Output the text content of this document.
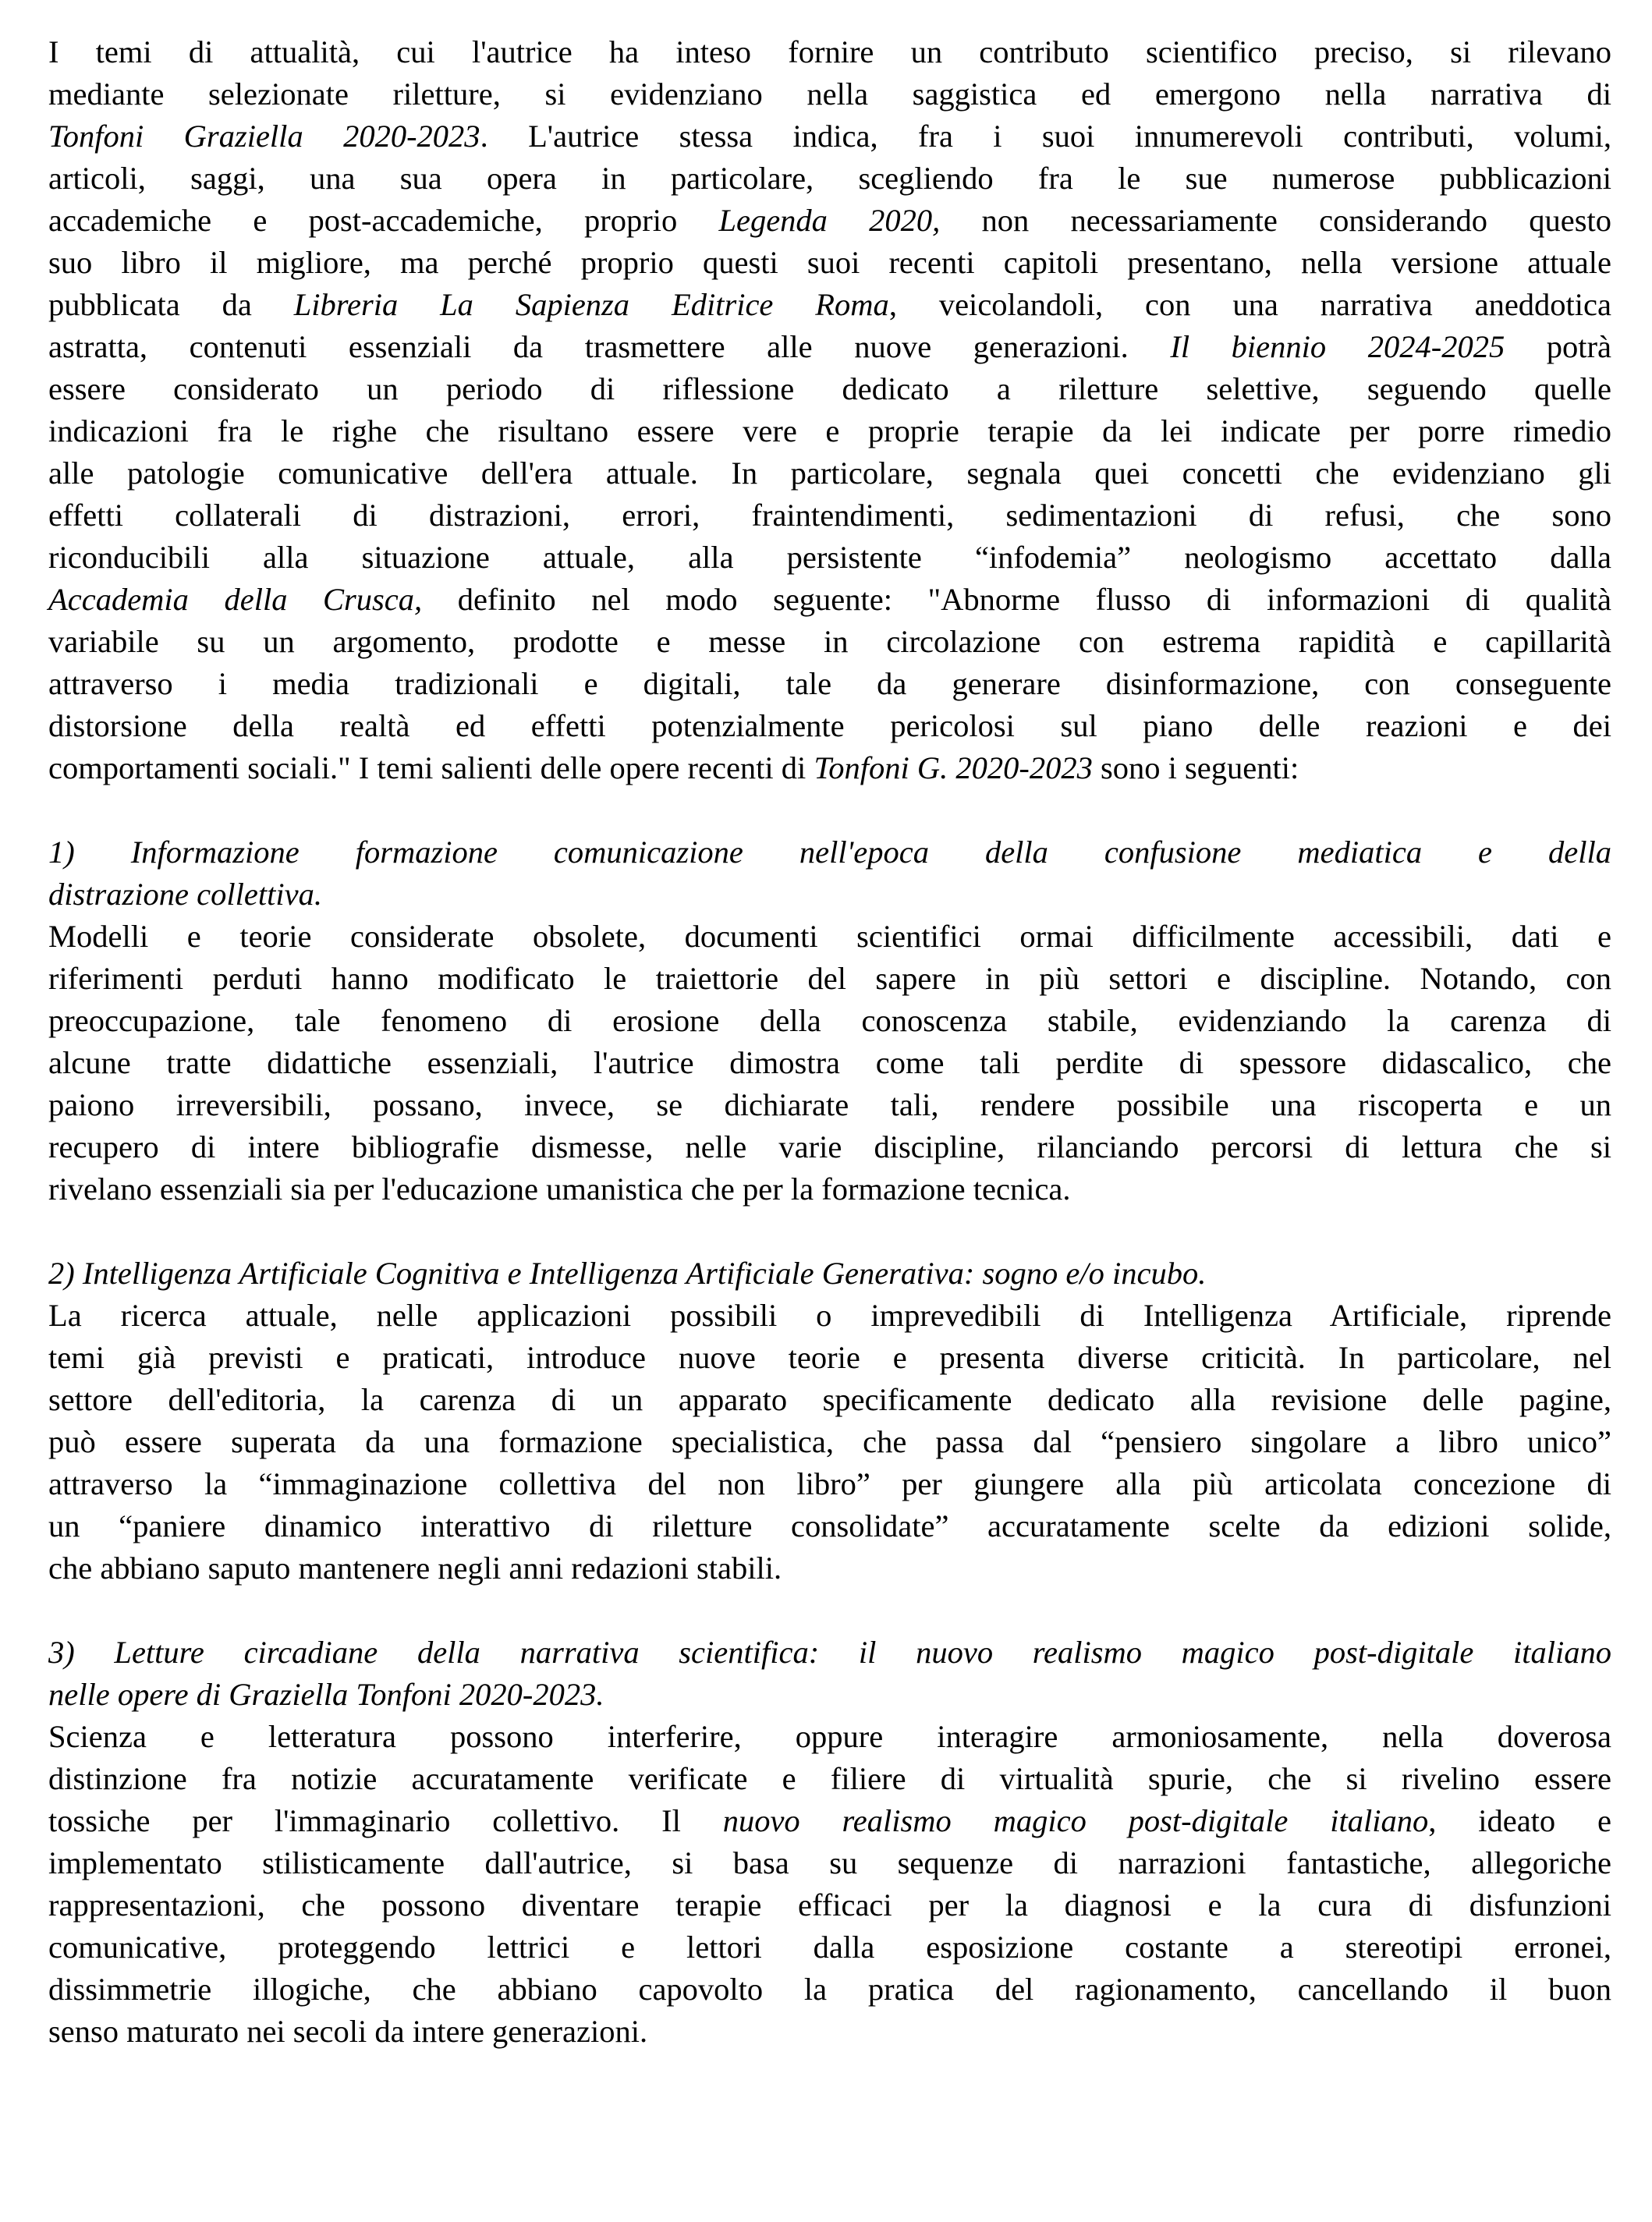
I temi di attualità, cui l'autrice ha inteso fornire un contributo scientifico preciso, si rilevano
mediante selezionate riletture, si evidenziano nella saggistica ed emergono nella narrativa di
Tonfoni Graziella 2020-2023. L'autrice stessa indica, fra i suoi innumerevoli contributi, volumi,
articoli, saggi, una sua opera in particolare, scegliendo fra le sue numerose pubblicazioni
accademiche e post-accademiche, proprio Legenda 2020, non necessariamente considerando questo
suo libro il migliore, ma perché proprio questi suoi recenti capitoli presentano, nella versione attuale
pubblicata da Libreria La Sapienza Editrice Roma, veicolandoli, con una narrativa aneddotica
astratta, contenuti essenziali da trasmettere alle nuove generazioni. Il biennio 2024-2025 potrà
essere considerato un periodo di riflessione dedicato a riletture selettive, seguendo quelle
indicazioni fra le righe che risultano essere vere e proprie terapie da lei indicate per porre rimedio
alle patologie comunicative dell'era attuale. In particolare, segnala quei concetti che evidenziano gli
effetti collaterali di distrazioni, errori, fraintendimenti, sedimentazioni di refusi, che sono
riconducibili alla situazione attuale, alla persistente “infodemia” neologismo accettato dalla
Accademia della Crusca, definito nel modo seguente: "Abnorme flusso di informazioni di qualità
variabile su un argomento, prodotte e messe in circolazione con estrema rapidità e capillarità
attraverso i media tradizionali e digitali, tale da generare disinformazione, con conseguente
distorsione della realtà ed effetti potenzialmente pericolosi sul piano delle reazioni e dei
comportamenti sociali." I temi salienti delle opere recenti di Tonfoni G. 2020-2023 sono i seguenti:
1) Informazione formazione comunicazione nell'epoca della confusione mediatica e della
distrazione collettiva.
Modelli e teorie considerate obsolete, documenti scientifici ormai difficilmente accessibili, dati e
riferimenti perduti hanno modificato le traiettorie del sapere in più settori e discipline. Notando, con
preoccupazione, tale fenomeno di erosione della conoscenza stabile, evidenziando la carenza di
alcune tratte didattiche essenziali, l'autrice dimostra come tali perdite di spessore didascalico, che
paiono irreversibili, possano, invece, se dichiarate tali, rendere possibile una riscoperta e un
recupero di intere bibliografie dismesse, nelle varie discipline, rilanciando percorsi di lettura che si
rivelano essenziali sia per l'educazione umanistica che per la formazione tecnica.
2) Intelligenza Artificiale Cognitiva e Intelligenza Artificiale Generativa: sogno e/o incubo.
La ricerca attuale, nelle applicazioni possibili o imprevedibili di Intelligenza Artificiale, riprende
temi già previsti e praticati, introduce nuove teorie e presenta diverse criticità. In particolare, nel
settore dell'editoria, la carenza di un apparato specificamente dedicato alla revisione delle pagine,
può essere superata da una formazione specialistica, che passa dal “pensiero singolare a libro unico”
attraverso la “immaginazione collettiva del non libro” per giungere alla più articolata concezione di
un “paniere dinamico interattivo di riletture consolidate” accuratamente scelte da edizioni solide,
che abbiano saputo mantenere negli anni redazioni stabili.
3) Letture circadiane della narrativa scientifica: il nuovo realismo magico post-digitale italiano
nelle opere di Graziella Tonfoni 2020-2023.
Scienza e letteratura possono interferire, oppure interagire armoniosamente, nella doverosa
distinzione fra notizie accuratamente verificate e filiere di virtualità spurie, che si rivelino essere
tossiche per l'immaginario collettivo. Il nuovo realismo magico post-digitale italiano, ideato e
implementato stilisticamente dall'autrice, si basa su sequenze di narrazioni fantastiche, allegoriche
rappresentazioni, che possono diventare terapie efficaci per la diagnosi e la cura di disfunzioni
comunicative, proteggendo lettrici e lettori dalla esposizione costante a stereotipi erronei,
dissimmetrie illogiche, che abbiano capovolto la pratica del ragionamento, cancellando il buon
senso maturato nei secoli da intere generazioni.
